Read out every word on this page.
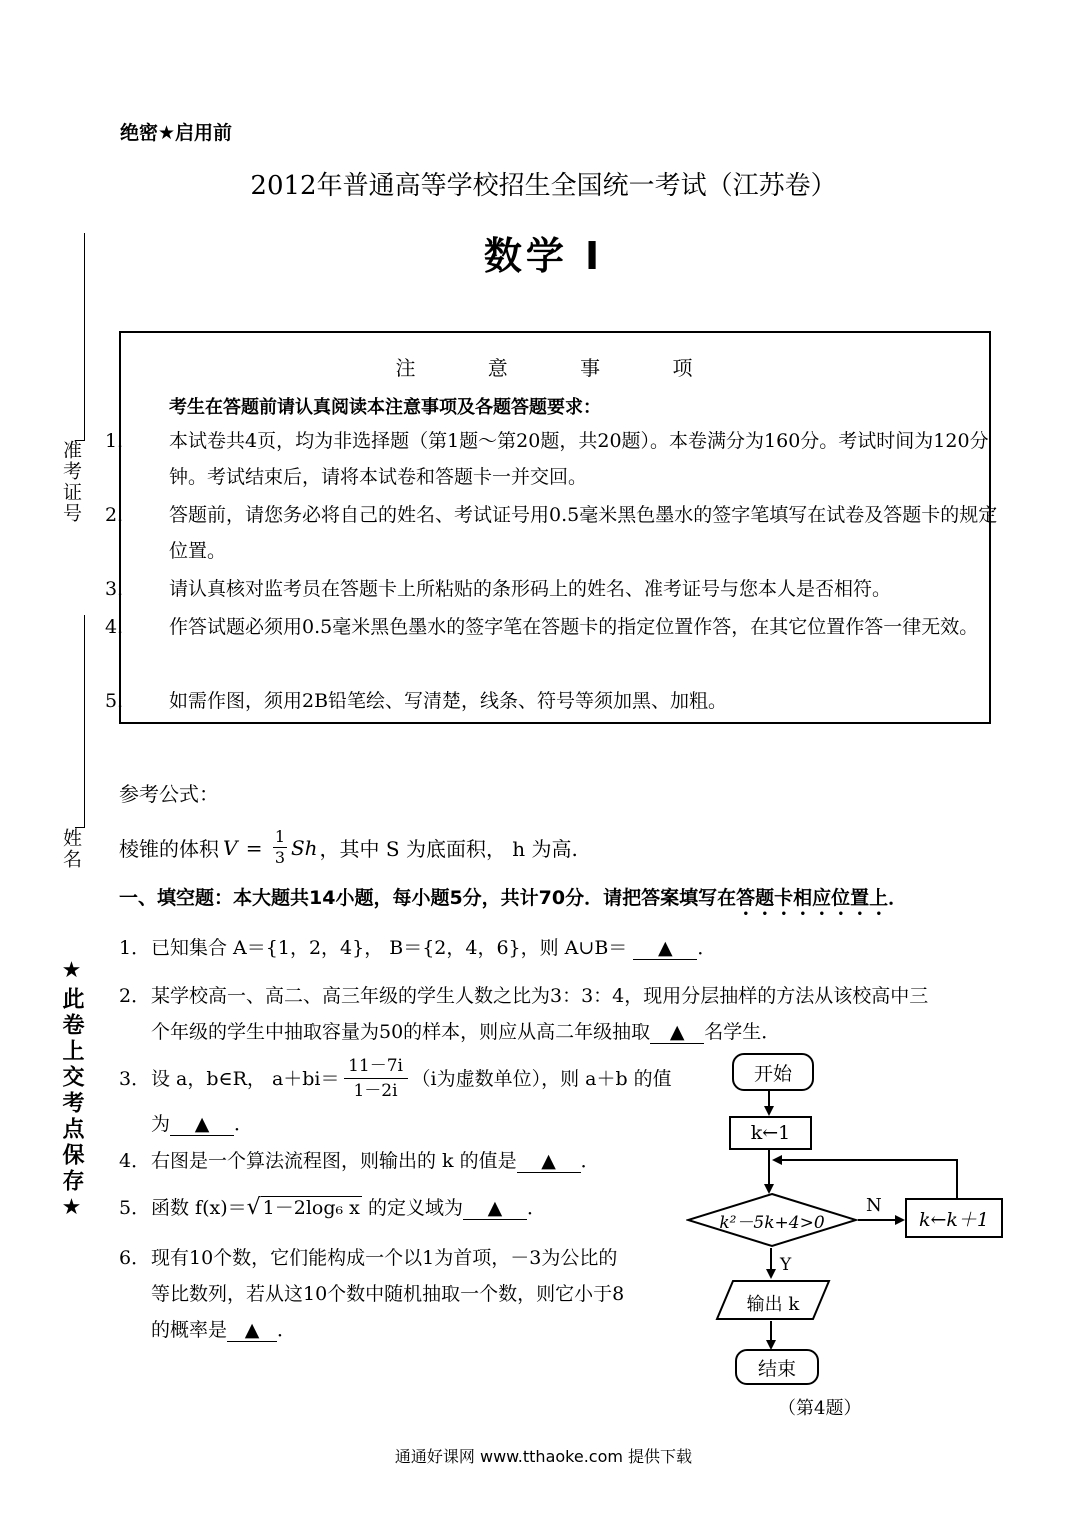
绝密★启用前
2012年普通高等学校招生全国统一考试（江苏卷）
数学 I
准考证号
姓名
★此卷上交考点保存★
注 意 事 项
考生在答题前请认真阅读本注意事项及各题答题要求：
1． 本试卷共4页，均为非选择题（第1题～第20题，共20题）。本卷满分为160分。考试时间为120分钟。考试结束后，请将本试卷和答题卡一并交回。
2． 答题前，请您务必将自己的姓名、考试证号用0.5毫米黑色墨水的签字笔填写在试卷及答题卡的规定位置。
3． 请认真核对监考员在答题卡上所粘贴的条形码上的姓名、准考证号与您本人是否相符。
4． 作答试题必须用0.5毫米黑色墨水的签字笔在答题卡的指定位置作答，在其它位置作答一律无效。
5． 如需作图，须用2B铅笔绘、写清楚，线条、符号等须加黑、加粗。
参考公式：
棱锥的体积 $V = \frac{1}{3}$ Sh ，其中 S 为底面积， h 为高.
一、填空题：本大题共14小题，每小题5分，共计70分．请把答案填写在答题卡相应位置上．
1．已知集合 A＝{1，2，4}， B＝{2，4，6}，则 A∪B＝ ▲ ．
2．某学校高一、高二、高三年级的学生人数之比为3：3：4，现用分层抽样的方法从该校高中三
个年级的学生中抽取容量为50的样本，则应从高二年级抽取 ▲ 名学生．
3． 设 a，b∈R， $a+bi= \frac{11-7i}{1-2i} (i$为虚数单位），则 a＋b 的值

为 ▲ ．
4．右图是一个算法流程图，则输出的 k 的值是 ▲ ．
5．函数 f(x)＝√ 1－2log₆ x 的定义域为 ▲ ．
6．现有10个数，它们能构成一个以1为首项，－3为公比的
等比数列，若从这10个数中随机抽取一个数，则它小于8
的概率是 ▲ ．
开始
k←1
k²－5k+4>0
N
k←k＋1
Y
输出 k
结束
（第4题）
通通好课网 www.tthaoke.com 提供下载
